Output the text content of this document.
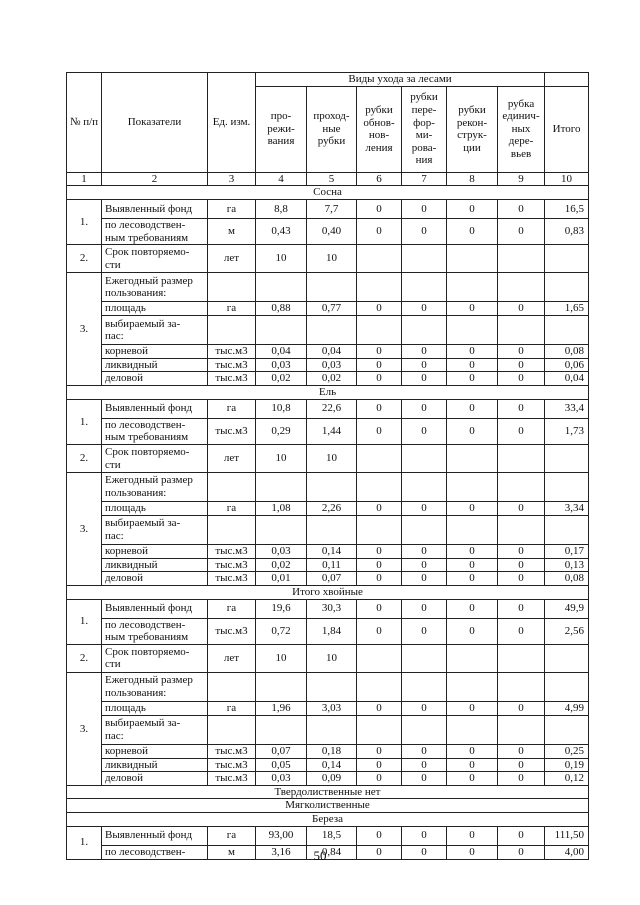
№ п/п	Показатели	Ед. изм.	Виды ухода за лесами						
			про- режи- вания	проход- ные рубки	рубки обнов- нов- ления	рубки пере- фор- ми- рова- ния	рубки рекон- струк- ции	рубка единич- ных дере- вьев	Итого
1	2	3	4	5	6	7	8	9	10
Сосна									
1.	Выявленный фонд	га	8,8	7,7	0	0	0	0	16,5
	по лесоводствен-
ным требованиям	м	0,43	0,40	0	0	0	0	0,83
2.	Срок повторяемо-
сти	лет	10	10					
3.	Ежегодный размер
пользования:								
	площадь	га	0,88	0,77	0	0	0	0	1,65
	выбираемый за-
пас:								
	корневой	тыс.м3	0,04	0,04	0	0	0	0	0,08
	ликвидный	тыс.м3	0,03	0,03	0	0	0	0	0,06
	деловой	тыс.м3	0,02	0,02	0	0	0	0	0,04
Ель									
1.	Выявленный фонд	га	10,8	22,6	0	0	0	0	33,4
	по лесоводствен-
ным требованиям	тыс.м3	0,29	1,44	0	0	0	0	1,73
2.	Срок повторяемо-
сти	лет	10	10					
3.	Ежегодный размер
пользования:								
	площадь	га	1,08	2,26	0	0	0	0	3,34
	выбираемый за-
пас:								
	корневой	тыс.м3	0,03	0,14	0	0	0	0	0,17
	ликвидный	тыс.м3	0,02	0,11	0	0	0	0	0,13
	деловой	тыс.м3	0,01	0,07	0	0	0	0	0,08
Итого хвойные									
1.	Выявленный фонд	га	19,6	30,3	0	0	0	0	49,9
	по лесоводствен-
ным требованиям	тыс.м3	0,72	1,84	0	0	0	0	2,56
2.	Срок повторяемо-
сти	лет	10	10					
3.	Ежегодный размер
пользования:								
	площадь	га	1,96	3,03	0	0	0	0	4,99
	выбираемый за-
пас:								
	корневой	тыс.м3	0,07	0,18	0	0	0	0	0,25
	ликвидный	тыс.м3	0,05	0,14	0	0	0	0	0,19
	деловой	тыс.м3	0,03	0,09	0	0	0	0	0,12
Твердолиственные нет									
Мягколиственные									
Береза									
1.	Выявленный фонд	га	93,00	18,5	0	0	0	0	111,50
	по лесоводствен-	м	3,16	0,84	0	0	0	0	4,00
50
